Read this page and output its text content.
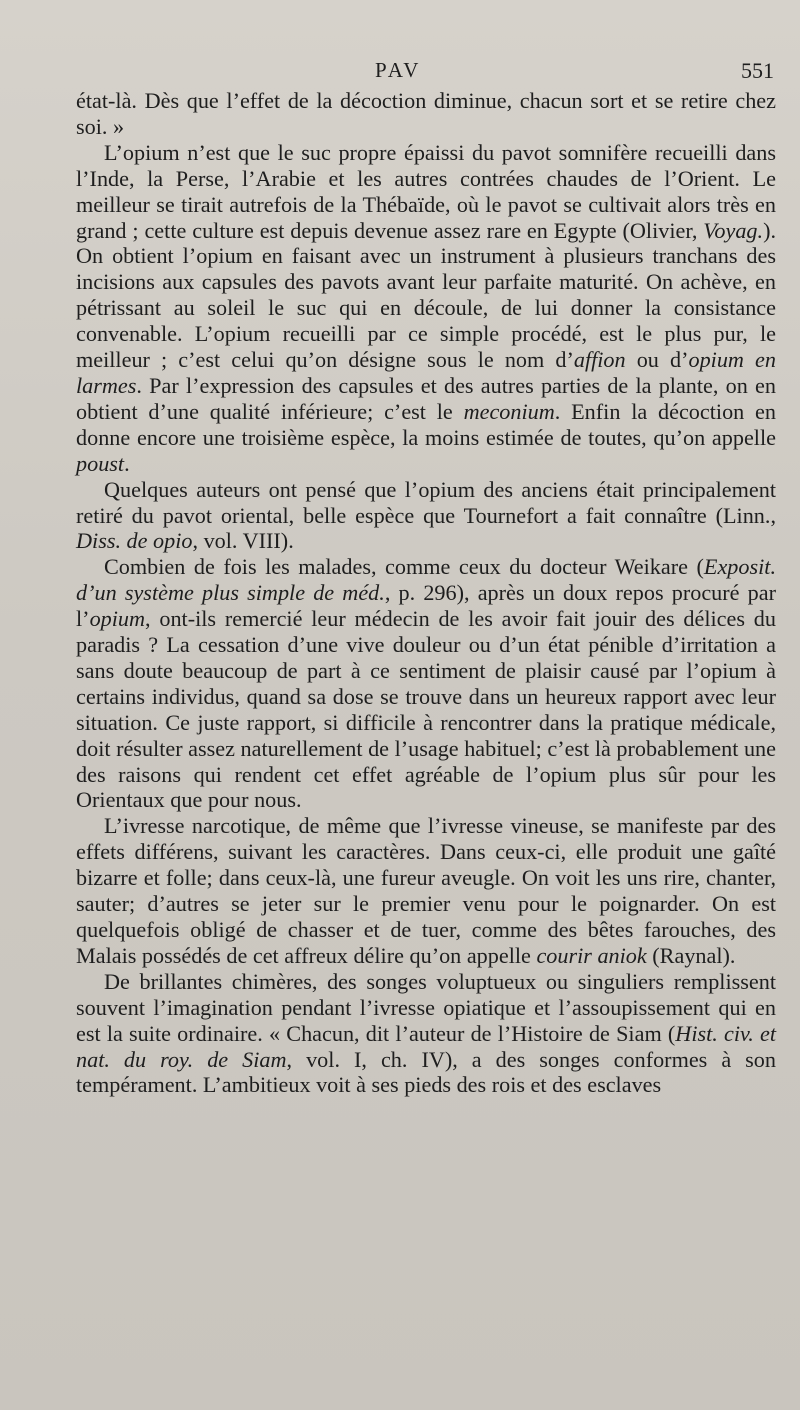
PAV	551

état-là. Dès que l’effet de la décoction diminue, chacun sort et se retire chez soi. »

L’opium n’est que le suc propre épaissi du pavot somnifère recueilli dans l’Inde, la Perse, l’Arabie et les autres contrées chaudes de l’Orient. Le meilleur se tirait autrefois de la Thébaïde, où le pavot se cultivait alors très en grand ; cette culture est depuis devenue assez rare en Egypte (Olivier, Voyag.). On obtient l’opium en faisant avec un instrument à plusieurs tranchans des incisions aux capsules des pavots avant leur parfaite maturité. On achève, en pétrissant au soleil le suc qui en découle, de lui donner la consistance convenable. L’opium recueilli par ce simple procédé, est le plus pur, le meilleur ; c’est celui qu’on désigne sous le nom d’affion ou d’opium en larmes. Par l’expression des capsules et des autres parties de la plante, on en obtient d’une qualité inférieure; c’est le meconium. Enfin la décoction en donne encore une troisième espèce, la moins estimée de toutes, qu’on appelle poust.

Quelques auteurs ont pensé que l’opium des anciens était principalement retiré du pavot oriental, belle espèce que Tournefort a fait connaître (Linn., Diss. de opio, vol. VIII).

Combien de fois les malades, comme ceux du docteur Weikare (Exposit. d’un système plus simple de méd., p. 296), après un doux repos procuré par l’opium, ont-ils remercié leur médecin de les avoir fait jouir des délices du paradis ? La cessation d’une vive douleur ou d’un état pénible d’irritation a sans doute beaucoup de part à ce sentiment de plaisir causé par l’opium à certains individus, quand sa dose se trouve dans un heureux rapport avec leur situation. Ce juste rapport, si difficile à rencontrer dans la pratique médicale, doit résulter assez naturellement de l’usage habituel; c’est là probablement une des raisons qui rendent cet effet agréable de l’opium plus sûr pour les Orientaux que pour nous.

L’ivresse narcotique, de même que l’ivresse vineuse, se manifeste par des effets différens, suivant les caractères. Dans ceux-ci, elle produit une gaîté bizarre et folle; dans ceux-là, une fureur aveugle. On voit les uns rire, chanter, sauter; d’autres se jeter sur le premier venu pour le poignarder. On est quelquefois obligé de chasser et de tuer, comme des bêtes farouches, des Malais possédés de cet affreux délire qu’on appelle courir aniok (Raynal).

De brillantes chimères, des songes voluptueux ou singuliers remplissent souvent l’imagination pendant l’ivresse opiatique et l’assoupissement qui en est la suite ordinaire. « Chacun, dit l’auteur de l’Histoire de Siam (Hist. civ. et nat. du roy. de Siam, vol. I, ch. IV), a des songes conformes à son tempérament. L’ambitieux voit à ses pieds des rois et des esclaves
